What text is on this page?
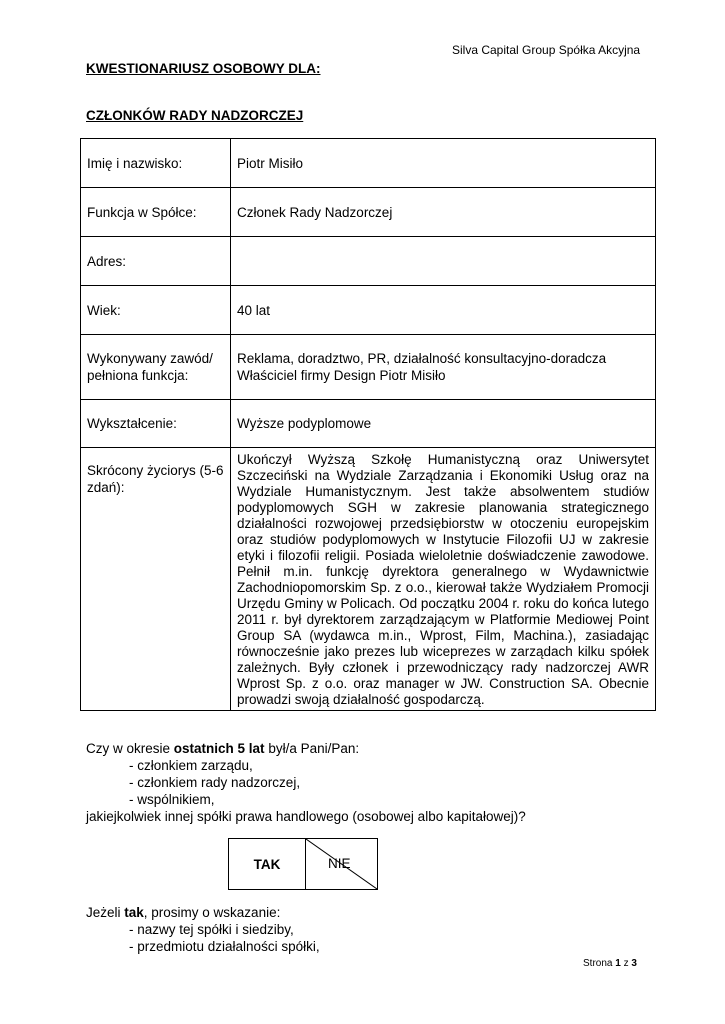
Silva Capital Group Spółka Akcyjna
KWESTIONARIUSZ OSOBOWY DLA:
CZŁONKÓW RADY NADZORCZEJ
Imię i nazwisko:	Piotr Misiło
Funkcja w Spółce:	Członek Rady Nadzorczej
Adres:	
Wiek:	40 lat
Wykonywany zawód/ pełniona funkcja:	Reklama, doradztwo, PR, działalność konsultacyjno-doradcza
Właściciel firmy Design Piotr Misiło

Wykształcenie:	Wyższe podyplomowe
Skrócony życiorys (5-6 zdań):	Ukończył Wyższą Szkołę Humanistyczną oraz Uniwersytet Szczeciński na Wydziale Zarządzania i Ekonomiki Usług oraz na Wydziale Humanistycznym. Jest także absolwentem studiów podyplomowych SGH w zakresie planowania strategicznego działalności rozwojowej przedsiębiorstw w otoczeniu europejskim oraz studiów podyplomowych w Instytucie Filozofii UJ w zakresie etyki i filozofii religii. Posiada wieloletnie doświadczenie zawodowe. Pełnił m.in. funkcję dyrektora generalnego w Wydawnictwie Zachodniopomorskim Sp. z o.o., kierował także Wydziałem Promocji Urzędu Gminy w Policach. Od początku 2004 r. roku do końca lutego 2011 r. był dyrektorem zarządzającym w Platformie Mediowej Point Group SA (wydawca m.in., Wprost, Film, Machina.), zasiadając równocześnie jako prezes lub wiceprezes w zarządach kilku spółek zależnych. Były członek i przewodniczący rady nadzorczej AWR Wprost Sp. z o.o. oraz manager w JW. Construction SA. Obecnie prowadzi swoją działalność gospodarczą.

Czy w okresie ostatnich 5 lat był/a Pani/Pan:
- członkiem zarządu,
- członkiem rady nadzorczej,
- wspólnikiem,
jakiejkolwiek innej spółki prawa handlowego (osobowej albo kapitałowej)?
TAK	NIE
Jeżeli tak, prosimy o wskazanie:
- nazwy tej spółki i siedziby,
- przedmiotu działalności spółki,
Strona 1 z 3
